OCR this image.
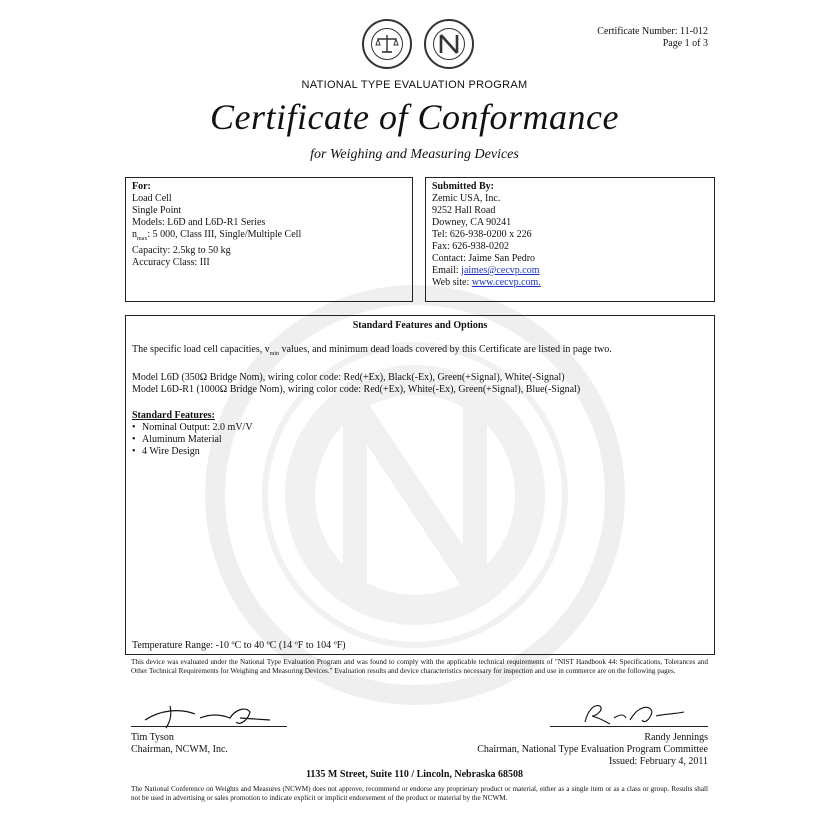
Certificate Number: 11-012
Page 1 of 3
NATIONAL TYPE EVALUATION PROGRAM
Certificate of Conformance
for Weighing and Measuring Devices
For:
Load Cell
Single Point
Models: L6D and L6D-R1 Series
$n_{max}$: 5 000, Class III, Single/Multiple Cell
Capacity: 2.5kg to 50 kg
Accuracy Class: III
Submitted By:
Zemic USA, Inc.
9252 Hall Road
Downey, CA 90241
Tel: 626-938-0200 x 226
Fax: 626-938-0202
Contact: Jaime San Pedro
Email: jaimes@cecvp.com
Web site: www.cecvp.com.
Standard Features and Options
The specific load cell capacities, $v_{min}$ values, and minimum dead loads covered by this Certificate are listed in page two.
Model L6D (350Ω Bridge Nom), wiring color code: Red(+Ex), Black(-Ex), Green(+Signal), White(-Signal)
Model L6D-R1 (1000Ω Bridge Nom), wiring color code: Red(+Ex), White(-Ex), Green(+Signal), Blue(-Signal)
Standard Features:
• Nominal Output: 2.0 mV/V
• Aluminum Material
• 4 Wire Design
Temperature Range: -10 ºC to 40 ºC (14 ºF to 104 ºF)
This device was evaluated under the National Type Evaluation Program and was found to comply with the applicable technical requirements of "NIST Handbook 44: Specifications, Tolerances and Other Technical Requirements for Weighing and Measuring Devices." Evaluation results and device characteristics necessary for inspection and use in commerce are on the following pages.
Tim Tyson
Chairman, NCWM, Inc.
Randy Jennings
Chairman, National Type Evaluation Program Committee
Issued: February 4, 2011
1135 M Street, Suite 110 / Lincoln, Nebraska 68508
The National Conference on Weights and Measures (NCWM) does not approve, recommend or endorse any proprietary product or material, either as a single item or as a class or group. Results shall not be used in advertising or sales promotion to indicate explicit or implicit endorsement of the product or material by the NCWM.
